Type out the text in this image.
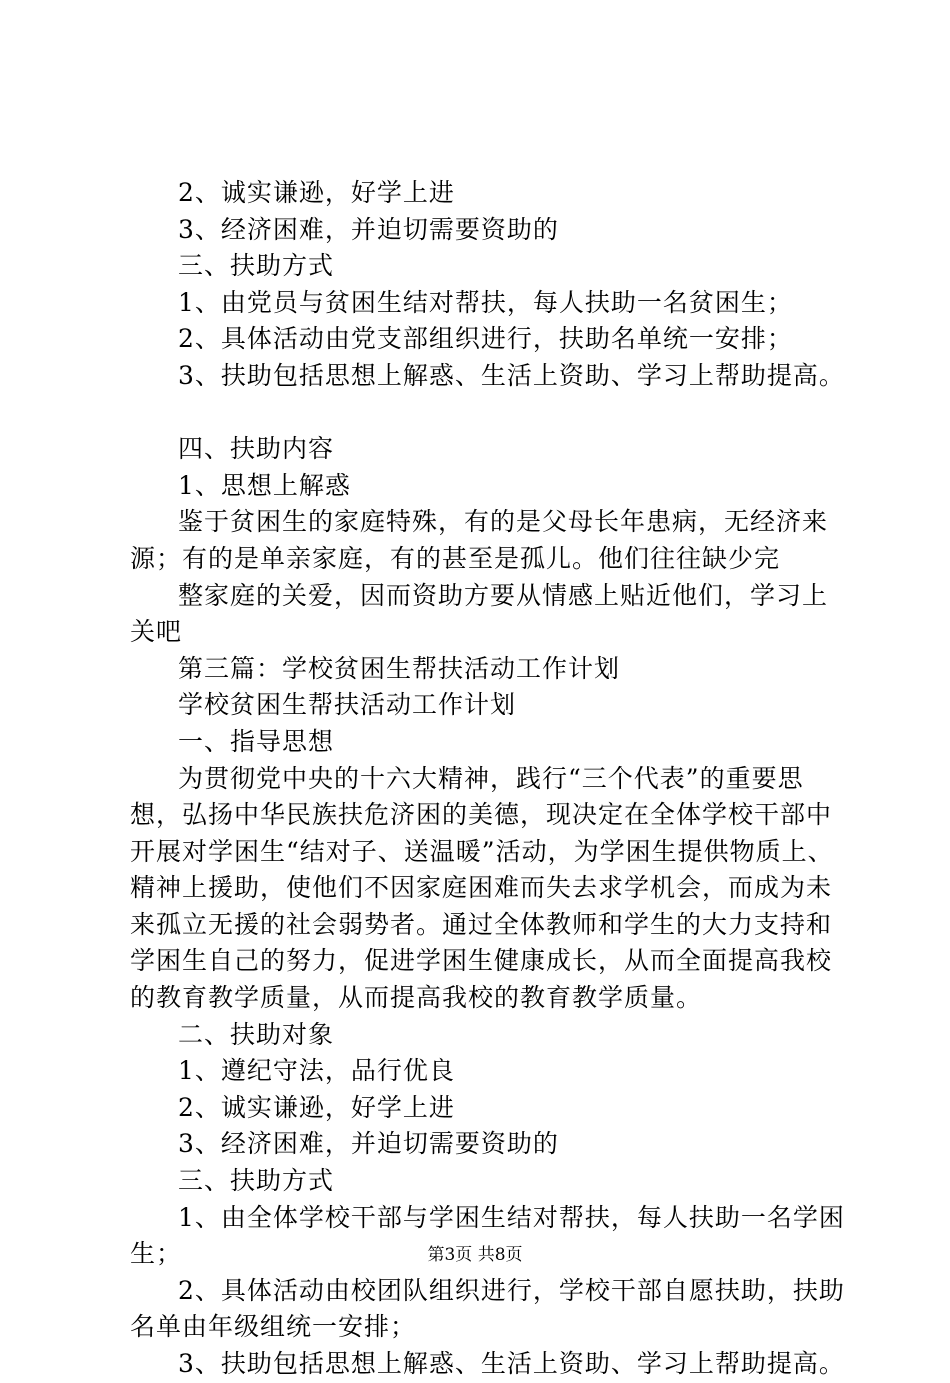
2、诚实谦逊，好学上进
3、经济困难，并迫切需要资助的
三、扶助方式
1、由党员与贫困生结对帮扶，每人扶助一名贫困生；
2、具体活动由党支部组织进行，扶助名单统一安排；
3、扶助包括思想上解惑、生活上资助、学习上帮助提高。
四、扶助内容
1、思想上解惑
鉴于贫困生的家庭特殊，有的是父母长年患病，无经济来
源；有的是单亲家庭，有的甚至是孤儿。他们往往缺少完
整家庭的关爱，因而资助方要从情感上贴近他们，学习上
关吧
第三篇：学校贫困生帮扶活动工作计划
学校贫困生帮扶活动工作计划
一、指导思想
为贯彻党中央的十六大精神，践行“三个代表”的重要思
想，弘扬中华民族扶危济困的美德，现决定在全体学校干部中
开展对学困生“结对子、送温暖”活动，为学困生提供物质上、
精神上援助，使他们不因家庭困难而失去求学机会，而成为未
来孤立无援的社会弱势者。通过全体教师和学生的大力支持和
学困生自己的努力，促进学困生健康成长，从而全面提高我校
的教育教学质量，从而提高我校的教育教学质量。
二、扶助对象
1、遵纪守法，品行优良
2、诚实谦逊，好学上进
3、经济困难，并迫切需要资助的
三、扶助方式
1、由全体学校干部与学困生结对帮扶，每人扶助一名学困
生；
2、具体活动由校团队组织进行，学校干部自愿扶助，扶助
名单由年级组统一安排；
3、扶助包括思想上解惑、生活上资助、学习上帮助提高。
第3页 共8页
